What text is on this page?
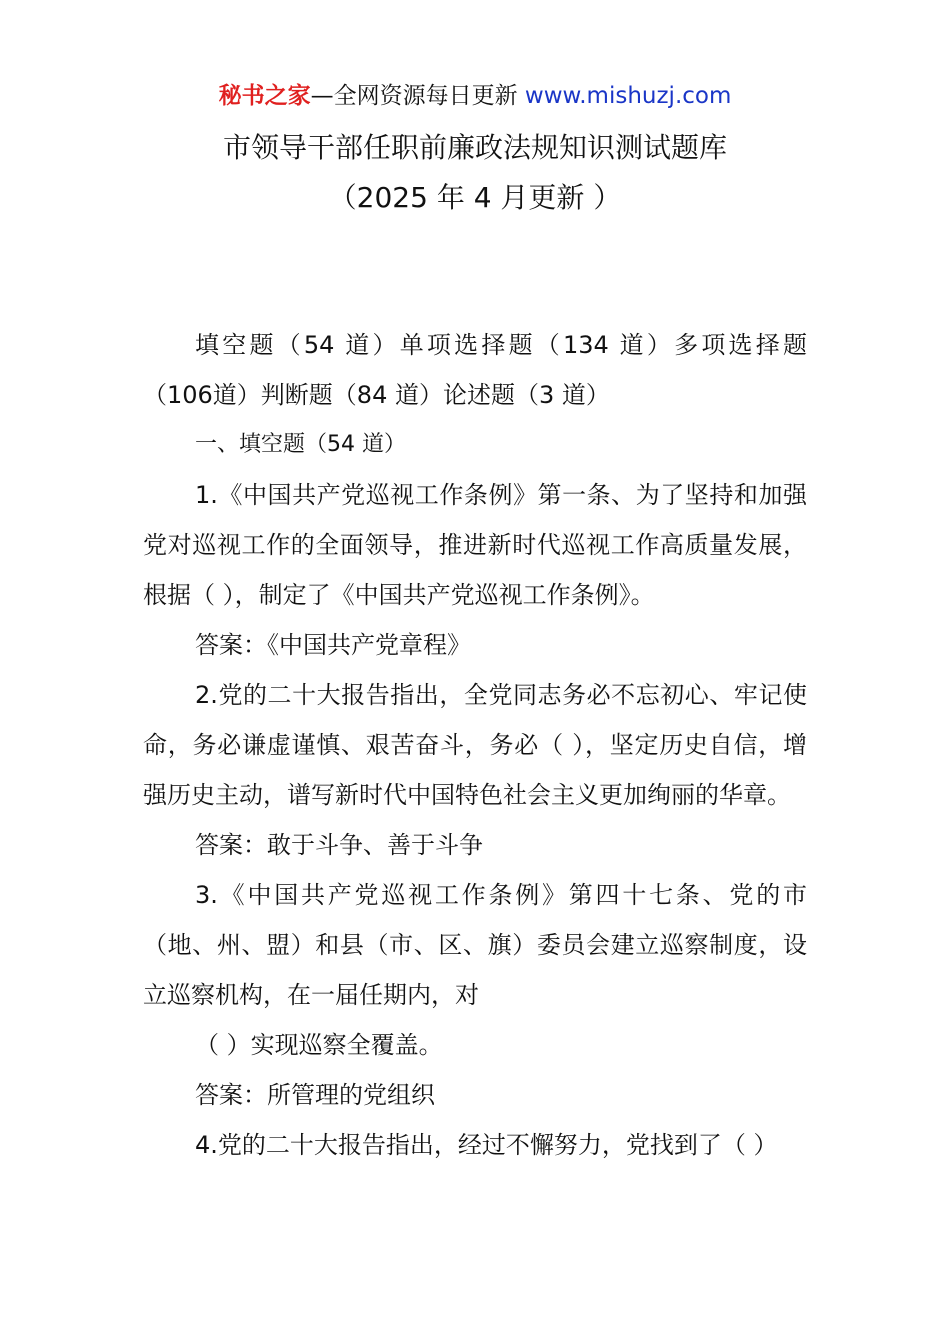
秘书之家—全网资源每日更新 www.mishuzj.com
市领导干部任职前廉政法规知识测试题库
（2025 年 4 月更新 ）

填空题（54 道）单项选择题（134 道）多项选择题（106道）判断题（84 道）论述题（3 道）

一、填空题（54 道）

1.《中国共产党巡视工作条例》第一条、为了坚持和加强党对巡视工作的全面领导，推进新时代巡视工作高质量发展，根据（ ），制定了《中国共产党巡视工作条例》。

答案：《中国共产党章程》

2.党的二十大报告指出，全党同志务必不忘初心、牢记使命，务必谦虚谨慎、艰苦奋斗，务必（ ），坚定历史自信，增强历史主动，谱写新时代中国特色社会主义更加绚丽的华章。

答案：敢于斗争、善于斗争

3.《中国共产党巡视工作条例》第四十七条、党的市（地、州、盟）和县（市、区、旗）委员会建立巡察制度，设立巡察机构，在一届任期内，对

（ ）实现巡察全覆盖。

答案：所管理的党组织

4.党的二十大报告指出，经过不懈努力，党找到了（ ）
